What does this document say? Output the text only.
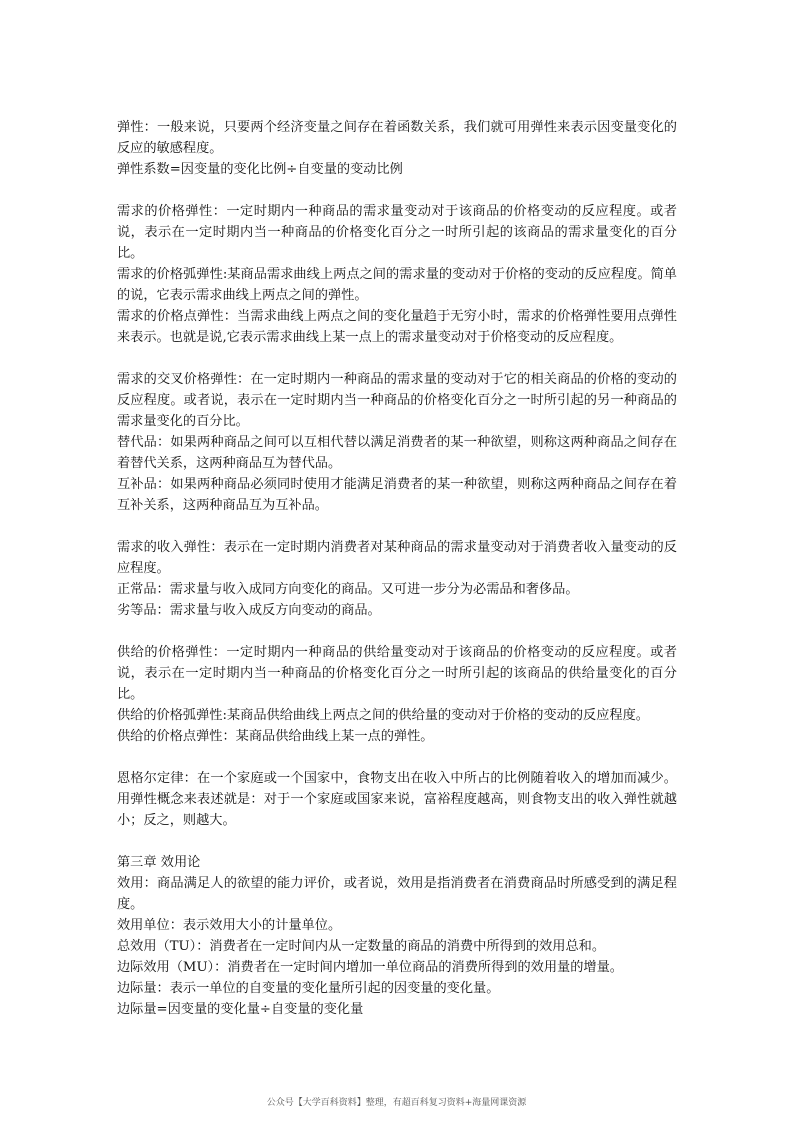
弹性：一般来说，只要两个经济变量之间存在着函数关系，我们就可用弹性来表示因变量变化的反应的敏感程度。

弹性系数=因变量的变化比例÷自变量的变动比例

需求的价格弹性：一定时期内一种商品的需求量变动对于该商品的价格变动的反应程度。或者说，表示在一定时期内当一种商品的价格变化百分之一时所引起的该商品的需求量变化的百分比。

需求的价格弧弹性:某商品需求曲线上两点之间的需求量的变动对于价格的变动的反应程度。简单的说，它表示需求曲线上两点之间的弹性。

需求的价格点弹性：当需求曲线上两点之间的变化量趋于无穷小时，需求的价格弹性要用点弹性来表示。也就是说,它表示需求曲线上某一点上的需求量变动对于价格变动的反应程度。

需求的交叉价格弹性：在一定时期内一种商品的需求量的变动对于它的相关商品的价格的变动的反应程度。或者说，表示在一定时期内当一种商品的价格变化百分之一时所引起的另一种商品的需求量变化的百分比。

替代品：如果两种商品之间可以互相代替以满足消费者的某一种欲望，则称这两种商品之间存在着替代关系，这两种商品互为替代品。

互补品：如果两种商品必须同时使用才能满足消费者的某一种欲望，则称这两种商品之间存在着互补关系，这两种商品互为互补品。

需求的收入弹性：表示在一定时期内消费者对某种商品的需求量变动对于消费者收入量变动的反应程度。

正常品：需求量与收入成同方向变化的商品。又可进一步分为必需品和奢侈品。

劣等品：需求量与收入成反方向变动的商品。

供给的价格弹性：一定时期内一种商品的供给量变动对于该商品的价格变动的反应程度。或者说，表示在一定时期内当一种商品的价格变化百分之一时所引起的该商品的供给量变化的百分比。

供给的价格弧弹性:某商品供给曲线上两点之间的供给量的变动对于价格的变动的反应程度。

供给的价格点弹性：某商品供给曲线上某一点的弹性。

恩格尔定律：在一个家庭或一个国家中，食物支出在收入中所占的比例随着收入的增加而减少。用弹性概念来表述就是：对于一个家庭或国家来说，富裕程度越高，则食物支出的收入弹性就越小；反之，则越大。

第三章 效用论

效用：商品满足人的欲望的能力评价，或者说，效用是指消费者在消费商品时所感受到的满足程度。

效用单位：表示效用大小的计量单位。

总效用（TU）：消费者在一定时间内从一定数量的商品的消费中所得到的效用总和。

边际效用（MU）：消费者在一定时间内增加一单位商品的消费所得到的效用量的增量。

边际量：表示一单位的自变量的变化量所引起的因变量的变化量。

边际量=因变量的变化量÷自变量的变化量

公众号【大学百科资料】整理，有超百科复习资料+海量网课资源
